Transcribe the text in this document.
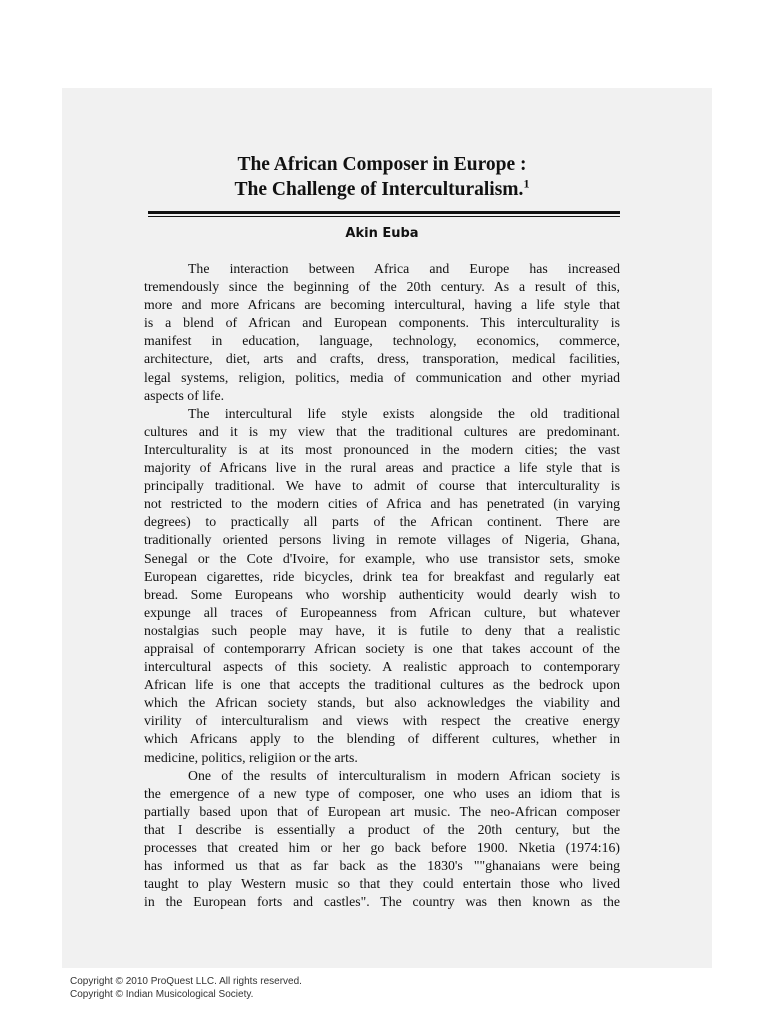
The African Composer in Europe :
The Challenge of Interculturalism.$^1$
Akin Euba
The interaction between Africa and Europe has increased
tremendously since the beginning of the 20th century. As a result of this,
more and more Africans are becoming intercultural, having a life style that
is a blend of African and European components. This interculturality is
manifest in education, language, technology, economics, commerce,
architecture, diet, arts and crafts, dress, transporation, medical facilities,
legal systems, religion, politics, media of communication and other myriad
aspects of life.
The intercultural life style exists alongside the old traditional
cultures and it is my view that the traditional cultures are predominant.
Interculturality is at its most pronounced in the modern cities; the vast
majority of Africans live in the rural areas and practice a life style that is
principally traditional. We have to admit of course that interculturality is
not restricted to the modern cities of Africa and has penetrated (in varying
degrees) to practically all parts of the African continent. There are
traditionally oriented persons living in remote villages of Nigeria, Ghana,
Senegal or the Cote d'Ivoire, for example, who use transistor sets, smoke
European cigarettes, ride bicycles, drink tea for breakfast and regularly eat
bread. Some Europeans who worship authenticity would dearly wish to
expunge all traces of Europeanness from African culture, but whatever
nostalgias such people may have, it is futile to deny that a realistic
appraisal of contemporarry African society is one that takes account of the
intercultural aspects of this society. A realistic approach to contemporary
African life is one that accepts the traditional cultures as the bedrock upon
which the African society stands, but also acknowledges the viability and
virility of interculturalism and views with respect the creative energy
which Africans apply to the blending of different cultures, whether in
medicine, politics, religiion or the arts.
One of the results of interculturalism in modern African society is
the emergence of a new type of composer, one who uses an idiom that is
partially based upon that of European art music. The neo-African composer
that I describe is essentially a product of the 20th century, but the
processes that created him or her go back before 1900. Nketia (1974:16)
has informed us that as far back as the 1830's ""ghanaians were being
taught to play Western music so that they could entertain those who lived
in the European forts and castles". The country was then known as the
Copyright © 2010 ProQuest LLC. All rights reserved.
Copyright © Indian Musicological Society.
